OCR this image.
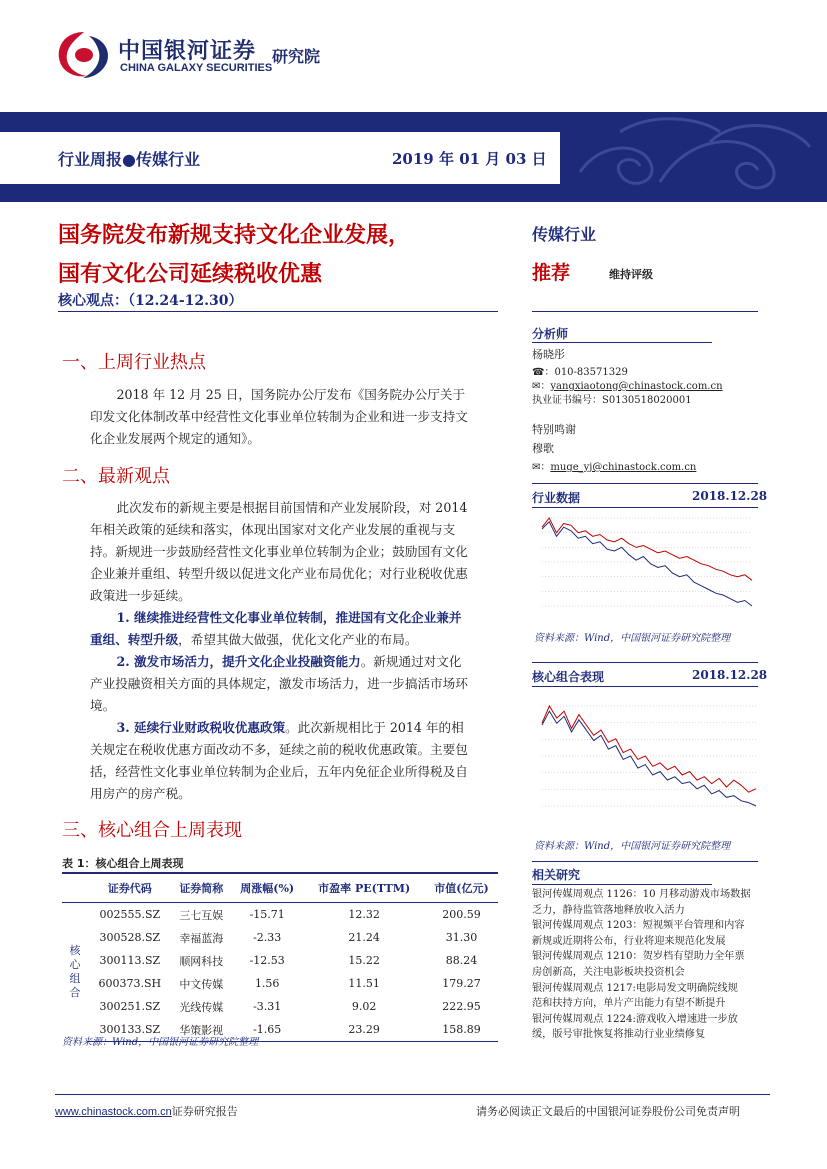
中国银河证券 研究院
CHINA GALAXY SECURITIES
行业周报●传媒行业	2019 年 01 月 03 日
国务院发布新规支持文化企业发展，
国有文化公司延续税收优惠
核心观点：（12.24-12.30）
一、上周行业热点

2018 年 12 月 25 日，国务院办公厅发布《国务院办公厅关于印发文化体制改革中经营性文化事业单位转制为企业和进一步支持文化企业发展两个规定的通知》。

二、最新观点

此次发布的新规主要是根据目前国情和产业发展阶段，对 2014 年相关政策的延续和落实，体现出国家对文化产业发展的重视与支持。新规进一步鼓励经营性文化事业单位转制为企业；鼓励国有文化企业兼并重组、转型升级以促进文化产业布局优化；对行业税收优惠政策进一步延续。

1. 继续推进经营性文化事业单位转制，推进国有文化企业兼并重组、转型升级，希望其做大做强，优化文化产业的布局。

2. 激发市场活力，提升文化企业投融资能力。新规通过对文化产业投融资相关方面的具体规定，激发市场活力，进一步搞活市场环境。

3. 延续行业财政税收优惠政策。此次新规相比于 2014 年的相关规定在税收优惠方面改动不多，延续之前的税收优惠政策。主要包括，经营性文化事业单位转制为企业后，五年内免征企业所得税及自用房产的房产税。

三、核心组合上周表现
表 1：核心组合上周表现
	证券代码	证券简称	周涨幅(%)	市盈率 PE(TTM)	市值(亿元)
核心组合	002555.SZ	三七互娱	-15.71	12.32	200.59
	300528.SZ	幸福蓝海	-2.33	21.24	31.30
	300113.SZ	顺网科技	-12.53	15.22	88.24
	600373.SH	中文传媒	1.56	11.51	179.27
	300251.SZ	光线传媒	-3.31	9.02	222.95
	300133.SZ	华策影视	-1.65	23.29	158.89
资料来源：Wind，中国银河证券研究院整理
传媒行业
推荐	维持评级
分析师
杨晓彤
☎：010-83571329
✉：yangxiaotong@chinastock.com.cn
执业证书编号：S0130518020001
特别鸣谢
穆歌
✉：muge_yj@chinastock.com.cn
行业数据	2018.12.28
资料来源：Wind，中国银河证券研究院整理
核心组合表现	2018.12.28
资料来源：Wind，中国银河证券研究院整理
相关研究
银河传媒周观点 1126：10 月移动游戏市场数据
乏力，静待监管落地释放收入活力
银河传媒周观点 1203：短视频平台管理和内容
新规或近期将公布，行业将迎来规范化发展
银河传媒周观点 1210：贺岁档有望助力全年票
房创新高，关注电影板块投资机会
银河传媒周观点 1217:电影局发文明确院线规
范和扶持方向，单片产出能力有望不断提升
银河传媒周观点 1224:游戏收入增速进一步放
缓，版号审批恢复将推动行业业绩修复
www.chinastock.com.cn证券研究报告	请务必阅读正文最后的中国银河证券股份公司免责声明
